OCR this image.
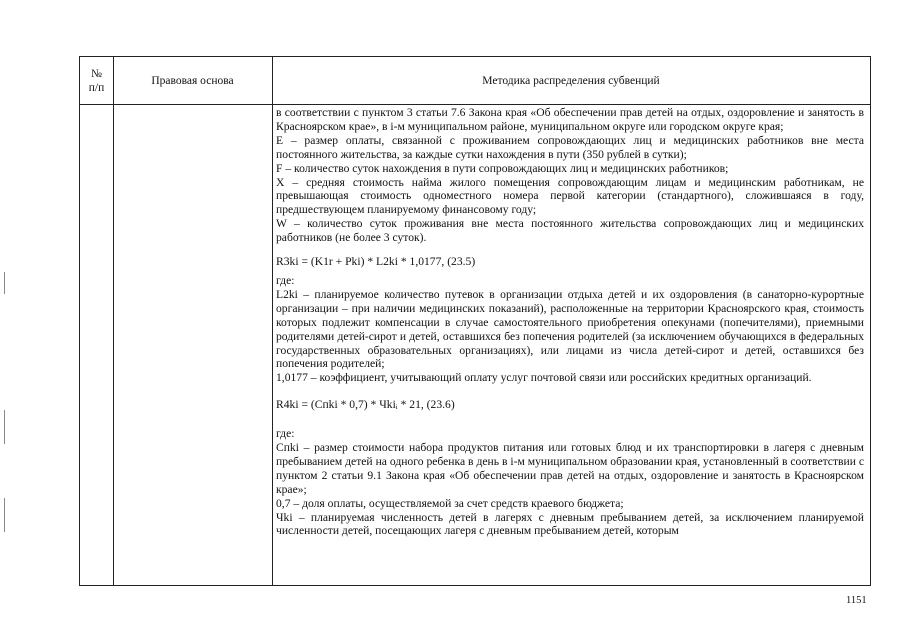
№
п/п
Правовая основа	Методика распределения субвенций

в соответствии с пунктом 3 статьи 7.6 Закона края «Об обеспечении прав детей на отдых, оздоровление и занятость в Красноярском крае», в i-м муниципальном районе, муниципальном округе или городском округе края;

E – размер оплаты, связанной с проживанием сопровождающих лиц и медицинских работников вне места постоянного жительства, за каждые сутки нахождения в пути (350 рублей в сутки);

F – количество суток нахождения в пути сопровождающих лиц и медицинских работников;

X – средняя стоимость найма жилого помещения сопровождающим лицам и медицинским работникам, не превышающая стоимость одноместного номера первой категории (стандартного), сложившаяся в году, предшествующем планируемому финансовому году;

W – количество суток проживания вне места постоянного жительства сопровождающих лиц и медицинских работников (не более 3 суток).

R3ki = (K1r + Pki) * L2ki * 1,0177, (23.5)

где:

L2ki – планируемое количество путевок в организации отдыха детей и их оздоровления (в санаторно-курортные организации – при наличии медицинских показаний), расположенные на территории Красноярского края, стоимость которых подлежит компенсации в случае самостоятельного приобретения опекунами (попечителями), приемными родителями детей-сирот и детей, оставшихся без попечения родителей (за исключением обучающихся в федеральных государственных образовательных организациях), или лицами из числа детей-сирот и детей, оставшихся без попечения родителей;

1,0177 – коэффициент, учитывающий оплату услуг почтовой связи или российских кредитных организаций.

R4ki = (Cпki * 0,7) * Чkiᵢ * 21, (23.6)

где:

Cпki – размер стоимости набора продуктов питания или готовых блюд и их транспортировки в лагеря с дневным пребыванием детей на одного ребенка в день в i-м муниципальном образовании края, установленный в соответствии с пунктом 2 статьи 9.1 Закона края «Об обеспечении прав детей на отдых, оздоровление и занятость в Красноярском крае»;

0,7 – доля оплаты, осуществляемой за счет средств краевого бюджета;

Чki – планируемая численность детей в лагерях с дневным пребыванием детей, за исключением планируемой численности детей, посещающих лагеря с дневным пребыванием детей, которым

1151
